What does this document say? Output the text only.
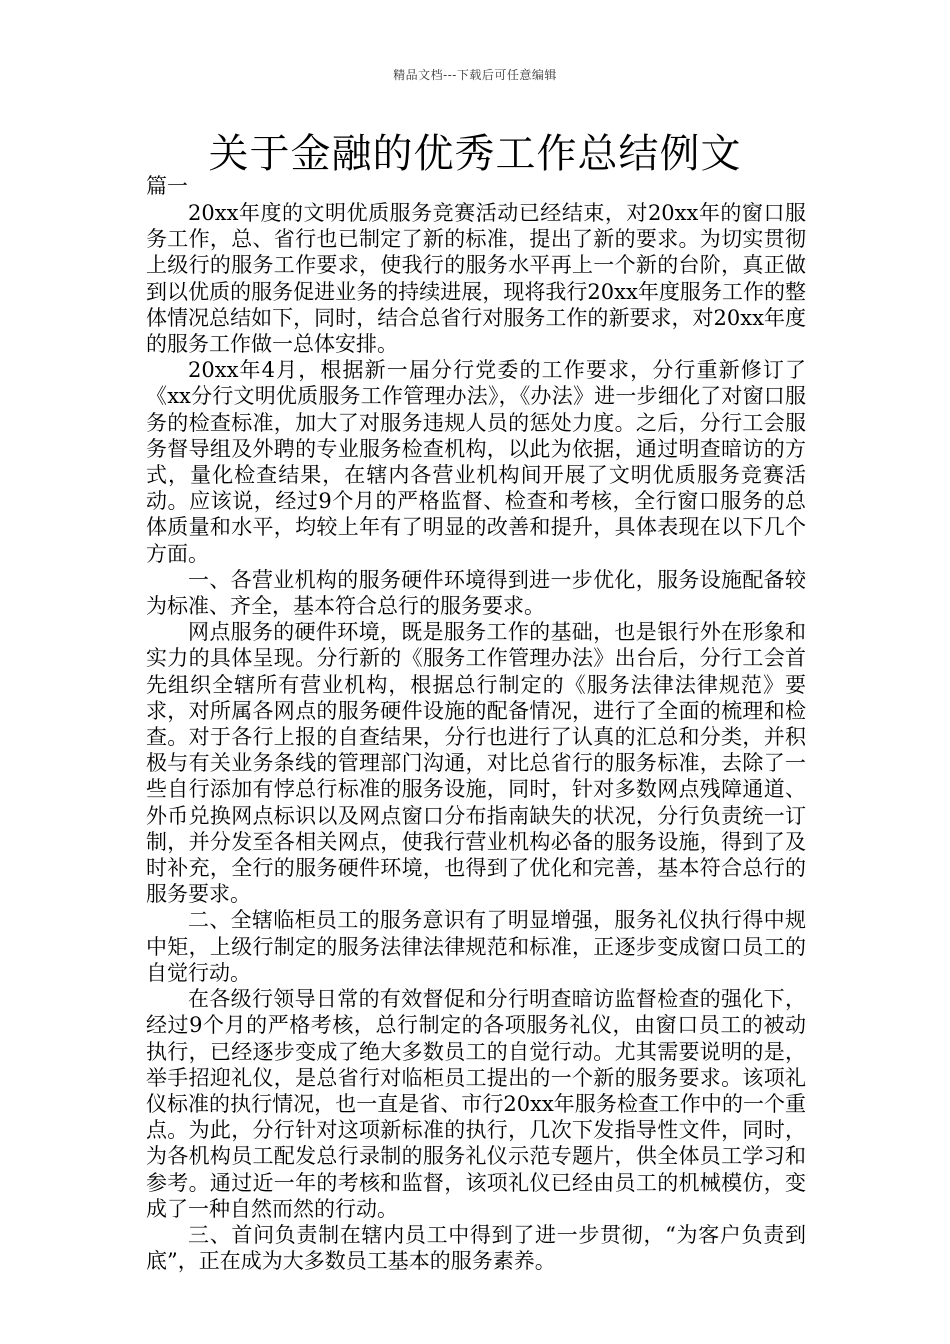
精品文档---下载后可任意编辑
关于金融的优秀工作总结例文
篇一

20xx年度的文明优质服务竞赛活动已经结束，对20xx年的窗口服务工作，总、省行也已制定了新的标准，提出了新的要求。为切实贯彻上级行的服务工作要求，使我行的服务水平再上一个新的台阶，真正做到以优质的服务促进业务的持续进展，现将我行20xx年度服务工作的整体情况总结如下，同时，结合总省行对服务工作的新要求，对20xx年度的服务工作做一总体安排。

20xx年4月，根据新一届分行党委的工作要求，分行重新修订了《xx分行文明优质服务工作管理办法》，《办法》进一步细化了对窗口服务的检查标准，加大了对服务违规人员的惩处力度。之后，分行工会服务督导组及外聘的专业服务检查机构，以此为依据，通过明查暗访的方式，量化检查结果，在辖内各营业机构间开展了文明优质服务竞赛活动。应该说，经过9个月的严格监督、检查和考核，全行窗口服务的总体质量和水平，均较上年有了明显的改善和提升，具体表现在以下几个方面。

一、各营业机构的服务硬件环境得到进一步优化，服务设施配备较为标准、齐全，基本符合总行的服务要求。

网点服务的硬件环境，既是服务工作的基础，也是银行外在形象和实力的具体呈现。分行新的《服务工作管理办法》出台后，分行工会首先组织全辖所有营业机构，根据总行制定的《服务法律法律规范》要求，对所属各网点的服务硬件设施的配备情况，进行了全面的梳理和检查。对于各行上报的自查结果，分行也进行了认真的汇总和分类，并积极与有关业务条线的管理部门沟通，对比总省行的服务标准，去除了一些自行添加有悖总行标准的服务设施，同时，针对多数网点残障通道、外币兑换网点标识以及网点窗口分布指南缺失的状况，分行负责统一订制，并分发至各相关网点，使我行营业机构必备的服务设施，得到了及时补充，全行的服务硬件环境，也得到了优化和完善，基本符合总行的服务要求。

二、全辖临柜员工的服务意识有了明显增强，服务礼仪执行得中规中矩，上级行制定的服务法律法律规范和标准，正逐步变成窗口员工的自觉行动。

在各级行领导日常的有效督促和分行明查暗访监督检查的强化下，经过9个月的严格考核，总行制定的各项服务礼仪，由窗口员工的被动执行，已经逐步变成了绝大多数员工的自觉行动。尤其需要说明的是，举手招迎礼仪，是总省行对临柜员工提出的一个新的服务要求。该项礼仪标准的执行情况，也一直是省、市行20xx年服务检查工作中的一个重点。为此，分行针对这项新标准的执行，几次下发指导性文件，同时，为各机构员工配发总行录制的服务礼仪示范专题片，供全体员工学习和参考。通过近一年的考核和监督，该项礼仪已经由员工的机械模仿，变成了一种自然而然的行动。

三、首问负责制在辖内员工中得到了进一步贯彻，“为客户负责到底”，正在成为大多数员工基本的服务素养。
